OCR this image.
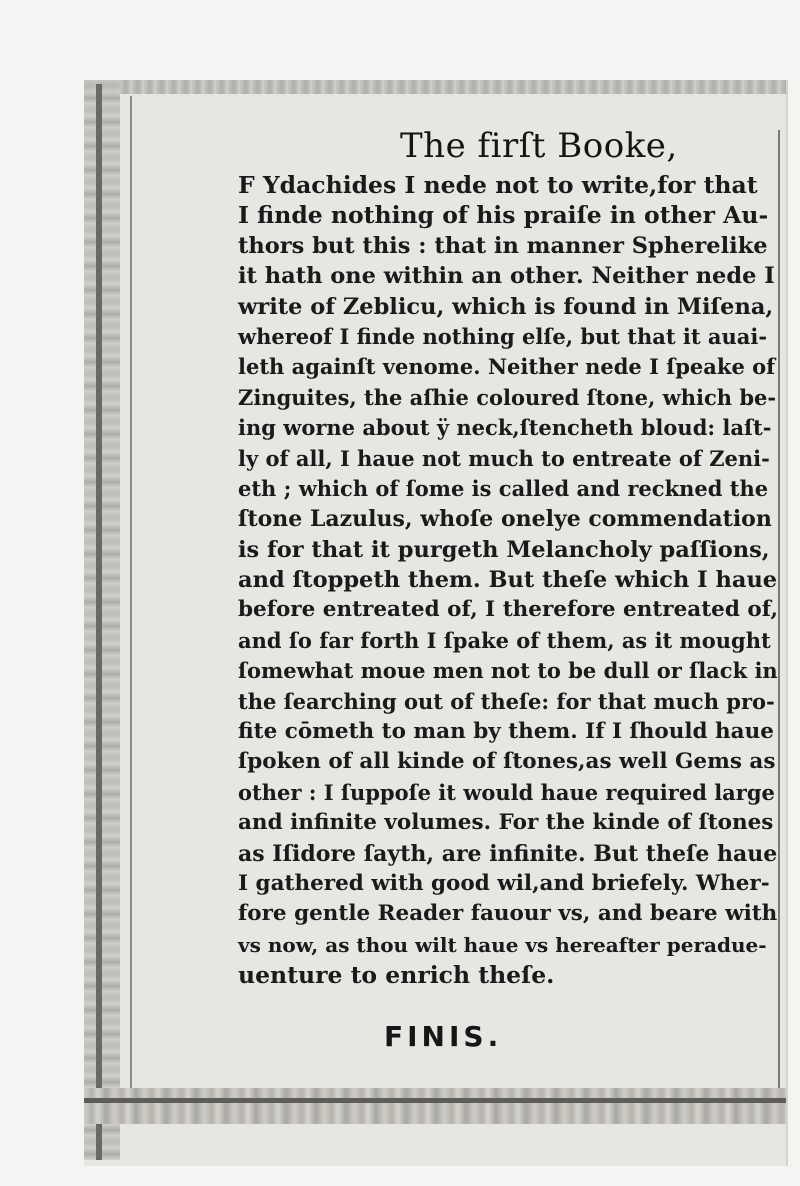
The firſt Booke,
F Ydachides I nede not to write,for that
I finde nothing of his praiſe in other Au-
thors but this : that in manner Spherelike
it hath one within an other. Neither nede I
write of Zeblicu, which is found in Miſena,
whereof I finde nothing elſe, but that it auai-
leth againſt venome. Neither nede I ſpeake of
Zinguites, the aſhie coloured ſtone, which be-
ing worne about ÿ neck,ſtencheth bloud: laſt-
ly of all, I haue not much to entreate of Zeni-
eth ; which of ſome is called and reckned the
ſtone Lazulus, whoſe onelye commendation
is for that it purgeth Melancholy paſſions,
and ſtoppeth them. But theſe which I haue
before entreated of, I therefore entreated of,
and ſo far forth I ſpake of them, as it mought
ſomewhat moue men not to be dull or ſlack in
the ſearching out of theſe: for that much pro-
fite cōmeth to man by them. If I ſhould haue
ſpoken of all kinde of ſtones,as well Gems as
other : I ſuppoſe it would haue required large
and infinite volumes. For the kinde of ſtones
as Iſidore ſayth, are infinite. But theſe haue
I gathered with good wil,and briefely. Wher-
fore gentle Reader fauour vs, and beare with
vs now, as thou wilt haue vs hereafter peradue-
uenture to enrich theſe.
FINIS.
